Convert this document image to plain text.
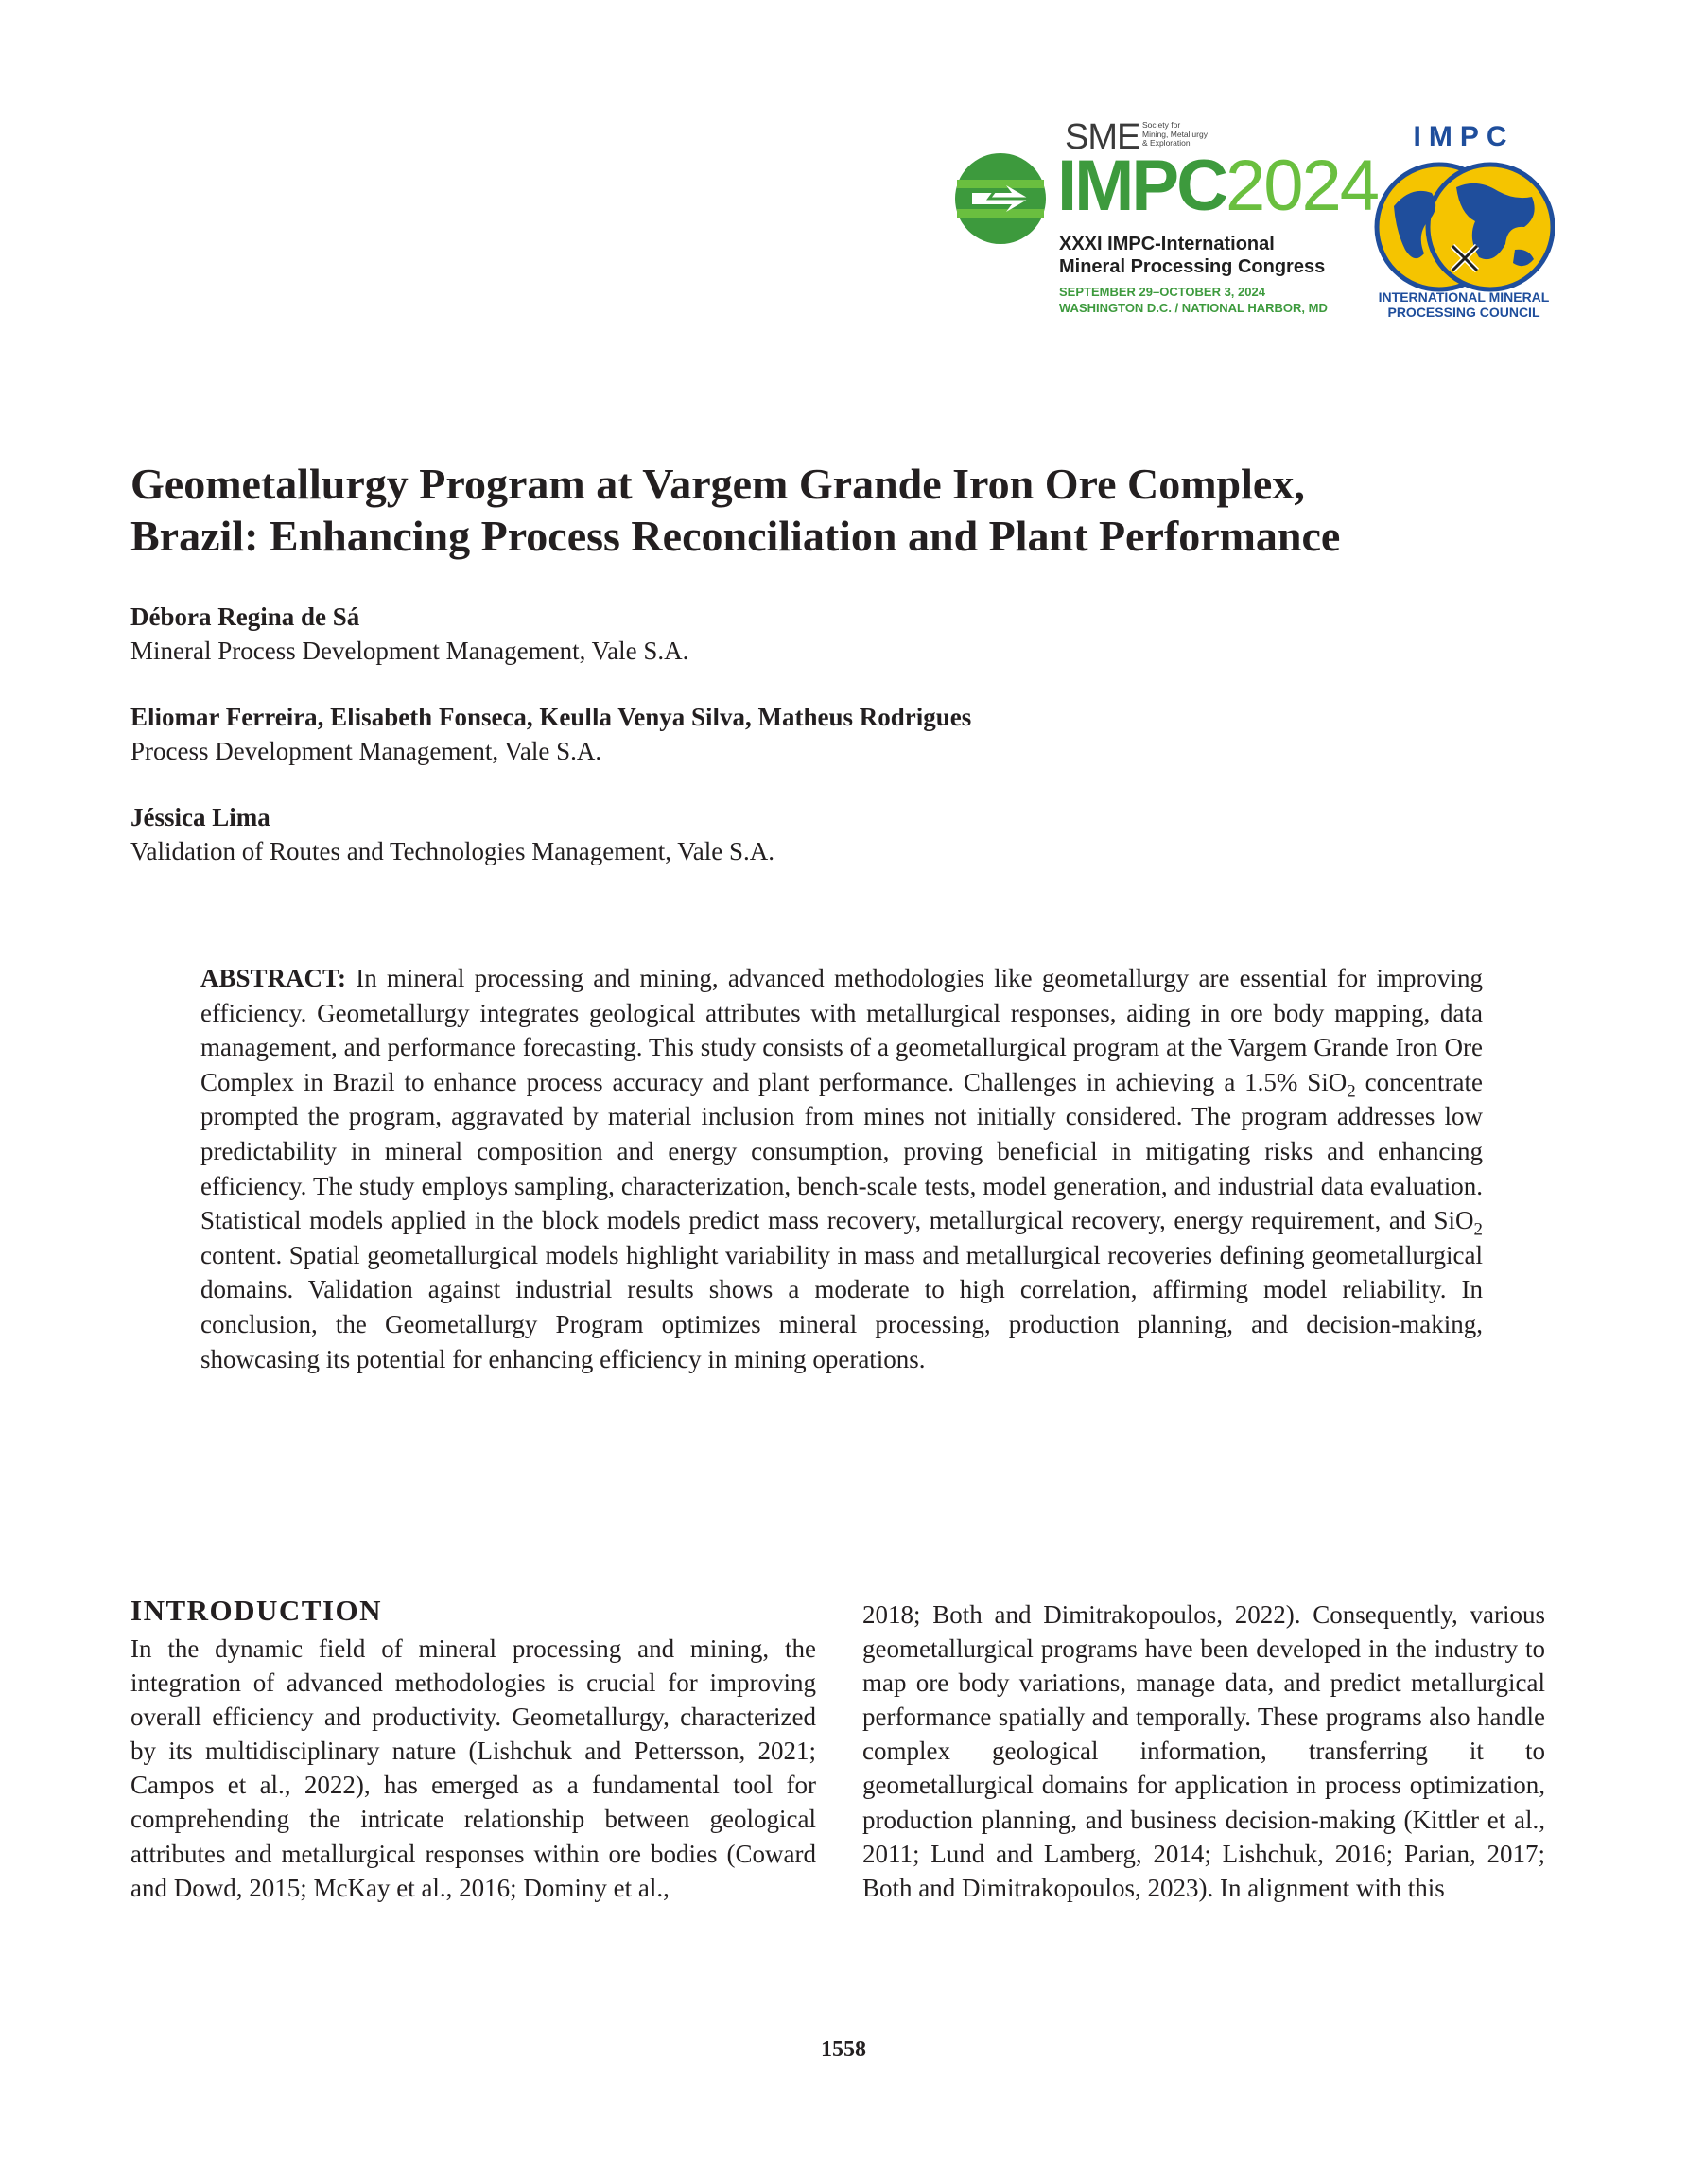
SME Society for
Mining, Metallurgy
& Exploration
IMPC2024
XXXI IMPC-International
Mineral Processing Congress
SEPTEMBER 29–OCTOBER 3, 2024
WASHINGTON D.C. / NATIONAL HARBOR, MD
IMPC
INTERNATIONAL MINERAL
PROCESSING COUNCIL
Geometallurgy Program at Vargem Grande Iron Ore Complex,
Brazil: Enhancing Process Reconciliation and Plant Performance
Débora Regina de Sá
Mineral Process Development Management, Vale S.A.
Eliomar Ferreira, Elisabeth Fonseca, Keulla Venya Silva, Matheus Rodrigues
Process Development Management, Vale S.A.
Jéssica Lima
Validation of Routes and Technologies Management, Vale S.A.

ABSTRACT: In mineral processing and mining, advanced methodologies like geometallurgy are essential for improving efficiency. Geometallurgy integrates geological attributes with metallurgical responses, aiding in ore body mapping, data management, and performance forecasting. This study consists of a geometallurgical program at the Vargem Grande Iron Ore Complex in Brazil to enhance process accuracy and plant performance. Challenges in achieving a 1.5% SiO$_2$ concentrate prompted the program, aggravated by material inclusion from mines not initially considered. The program addresses low predictability in mineral composition and energy consumption, proving beneficial in mitigating risks and enhancing efficiency. The study employs sampling, characterization, bench-scale tests, model generation, and industrial data evaluation. Statistical models applied in the block models predict mass recovery, metallurgical recovery, energy requirement, and SiO$_2$ content. Spatial geometallurgical models highlight variability in mass and metallurgical recoveries defining geometallurgical domains. Validation against industrial results shows a moderate to high correlation, affirming model reliability. In conclusion, the Geometallurgy Program optimizes mineral processing, production planning, and decision-making, showcasing its potential for enhancing efficiency in mining operations.

INTRODUCTION

In the dynamic field of mineral processing and mining, the integration of advanced methodologies is crucial for improving overall efficiency and productivity. Geometallurgy, characterized by its multidisciplinary nature (Lishchuk and Pettersson, 2021; Campos et al., 2022), has emerged as a fundamental tool for comprehending the intricate relationship between geological attributes and metallurgical responses within ore bodies (Coward and Dowd, 2015; McKay et al., 2016; Dominy et al.,

2018; Both and Dimitrakopoulos, 2022). Consequently, various geometallurgical programs have been developed in the industry to map ore body variations, manage data, and predict metallurgical performance spatially and temporally. These programs also handle complex geological information, transferring it to geometallurgical domains for application in process optimization, production planning, and business decision-making (Kittler et al., 2011; Lund and Lamberg, 2014; Lishchuk, 2016; Parian, 2017; Both and Dimitrakopoulos, 2023). In alignment with this

1558
